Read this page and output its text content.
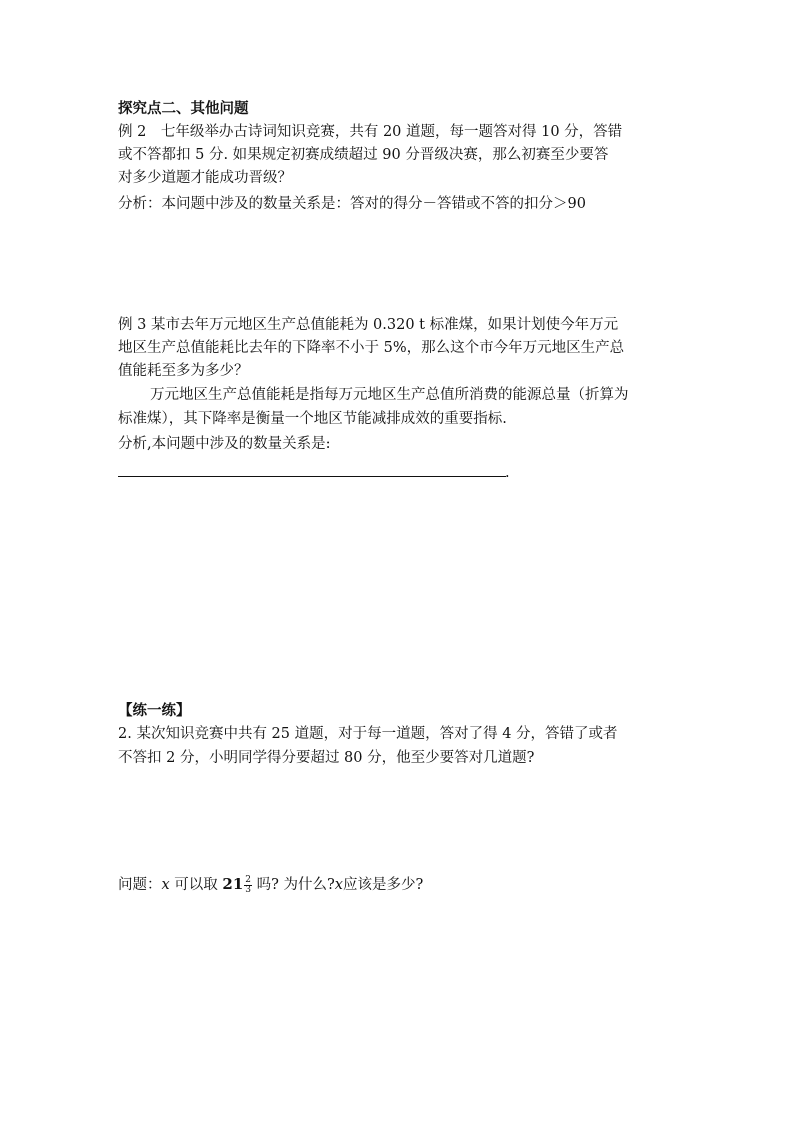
探究点二、其他问题
例 2　七年级举办古诗词知识竞赛，共有 20 道题，每一题答对得 10 分，答错
或不答都扣 5 分. 如果规定初赛成绩超过 90 分晋级决赛，那么初赛至少要答
对多少道题才能成功晋级？
分析：本问题中涉及的数量关系是：答对的得分－答错或不答的扣分＞90
例 3 某市去年万元地区生产总值能耗为 0.320 t 标准煤，如果计划使今年万元
地区生产总值能耗比去年的下降率不小于 5%，那么这个市今年万元地区生产总
值能耗至多为多少？
万元地区生产总值能耗是指每万元地区生产总值所消费的能源总量（折算为
标准煤），其下降率是衡量一个地区节能减排成效的重要指标.
分析,本问题中涉及的数量关系是:
.
【练一练】
2. 某次知识竞赛中共有 25 道题，对于每一道题，答对了得 4 分，答错了或者
不答扣 2 分，小明同学得分要超过 80 分，他至少要答对几道题?
问题：x 可以取 $21 \frac{2}{3}$ 吗? 为什么?x应该是多少?
